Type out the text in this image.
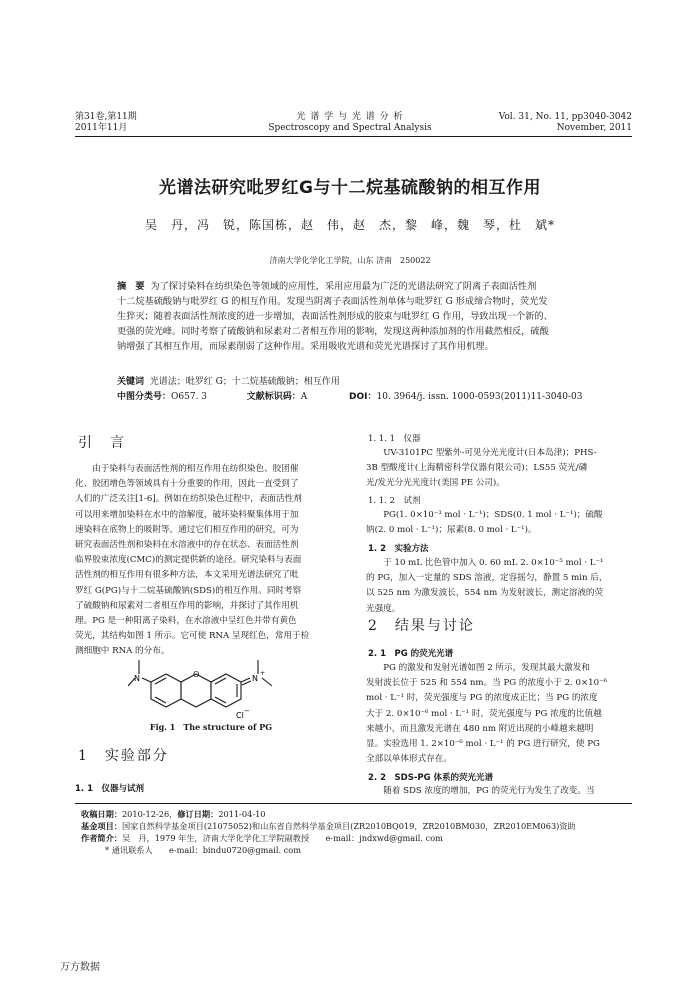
第31卷,第11期
2011年11月
光 谱 学 与 光 谱 分 析
Spectroscopy and Spectral Analysis
Vol. 31, No. 11, pp3040-3042
November, 2011
光谱法研究吡罗红G与十二烷基硫酸钠的相互作用
吴　丹，冯　锐，陈国栋，赵　伟，赵　杰，黎　峰，魏　琴，杜　斌*
济南大学化学化工学院，山东 济南　250022
摘　要 为了探讨染料在纺织染色等领域的应用性，采用应用最为广泛的光谱法研究了阴离子表面活性剂
十二烷基硫酸钠与吡罗红 G 的相互作用。发现当阴离子表面活性剂单体与吡罗红 G 形成缔合物时，荧光发
生猝灭；随着表面活性剂浓度的进一步增加，表面活性剂形成的胶束与吡罗红 G 作用，导致出现一个新的、
更强的荧光峰。同时考察了硫酸钠和尿素对二者相互作用的影响，发现这两种添加剂的作用截然相反，硫酸
钠增强了其相互作用，而尿素削弱了这种作用。采用吸收光谱和荧光光谱探讨了其作用机理。
关键词 光谱法；吡罗红 G；十二烷基硫酸钠；相互作用
中图分类号：O657. 3	文献标识码：A	DOI：10. 3964/j. issn. 1000-0593(2011)11-3040-03
引　言
由于染料与表面活性剂的相互作用在纺织染色、胶团催
化、胶团增色等领域具有十分重要的作用，因此一直受到了
人们的广泛关注[1-6]。例如在纺织染色过程中，表面活性剂
可以用来增加染料在水中的溶解度，破坏染料聚集体用于加
速染料在底物上的吸附等。通过它们相互作用的研究，可为
研究表面活性剂和染料在水溶液中的存在状态、表面活性剂
临界胶束浓度(CMC)的测定提供新的途径。研究染料与表面
活性剂的相互作用有很多种方法，本文采用光谱法研究了吡
罗红 G(PG)与十二烷基硫酸钠(SDS)的相互作用。同时考察
了硫酸钠和尿素对二者相互作用的影响，并探讨了其作用机
理。PG 是一种阳离子染料，在水溶液中呈红色并带有黄色
荧光，其结构如图 1 所示。它可使 RNA 呈现红色，常用于检
测细胞中 RNA 的分布。
N	N
+
O
Cl −
Fig. 1　The structure of PG
1　实验部分
1. 1　仪器与试剂
1. 1. 1　仪器
UV-3101PC 型紫外-可见分光光度计(日本岛津)；PHS-
3B 型酸度计(上海精密科学仪器有限公司)；LS55 荧光/磷
光/发光分光光度计(美国 PE 公司)。
1. 1. 2　试剂
PG(1. 0×10⁻³ mol · L⁻¹)；SDS(0. 1 mol · L⁻¹)；硫酸
钠(2. 0 mol · L⁻¹)；尿素(8. 0 mol · L⁻¹)。
1. 2　实验方法
于 10 mL 比色管中加入 0. 60 mL 2. 0×10⁻⁵ mol · L⁻¹
的 PG，加入一定量的 SDS 溶液，定容摇匀，静置 5 min 后，
以 525 nm 为激发波长，554 nm 为发射波长，测定溶液的荧
光强度。
2　结果与讨论
2. 1　PG 的荧光光谱
PG 的激发和发射光谱如图 2 所示，发现其最大激发和
发射波长位于 525 和 554 nm。当 PG 的浓度小于 2. 0×10⁻⁶
mol · L⁻¹ 时，荧光强度与 PG 的浓度成正比；当 PG 的浓度
大于 2. 0×10⁻⁶ mol · L⁻¹ 时，荧光强度与 PG 浓度的比值越
来越小，而且激发光谱在 480 nm 附近出现的小峰越来越明
显。实验选用 1. 2×10⁻⁶ mol · L⁻¹ 的 PG 进行研究，使 PG
全部以单体形式存在。
2. 2　SDS-PG 体系的荧光光谱
随着 SDS 浓度的增加，PG 的荧光行为发生了改变。当
收稿日期：2010-12-26，修订日期：2011-04-10
基金项目：国家自然科学基金项目(21075052)和山东省自然科学基金项目(ZR2010BQ019，ZR2010BM030，ZR2010EM063)资助
作者简介：吴　丹，1979 年生，济南大学化学化工学院副教授　　e-mail：jndxwd@gmail. com
* 通讯联系人　　e-mail：bindu0720@gmail. com
万方数据
